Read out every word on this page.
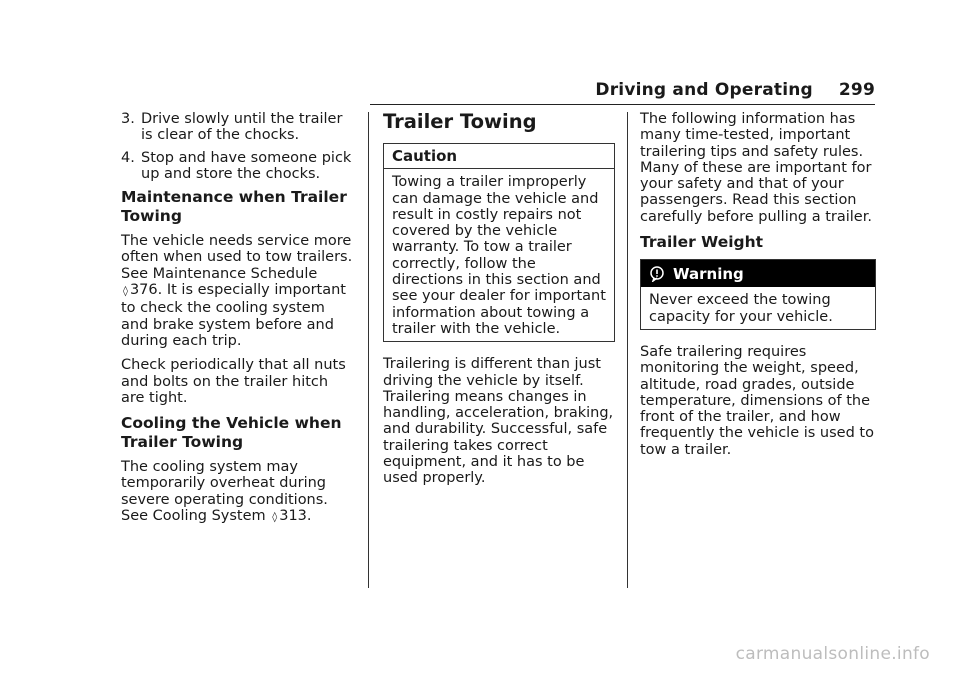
Driving and Operating 299
3. Drive slowly until the trailer is clear of the chocks.
4. Stop and have someone pick up and store the chocks.
Maintenance when Trailer Towing

The vehicle needs service more often when used to tow trailers. See Maintenance Schedule ◊ 376. It is especially important to check the cooling system and brake system before and during each trip.

Check periodically that all nuts and bolts on the trailer hitch are tight.

Cooling the Vehicle when Trailer Towing

The cooling system may temporarily overheat during severe operating conditions. See Cooling System ◊ 313.

Trailer Towing
Caution
Towing a trailer improperly can damage the vehicle and result in costly repairs not covered by the vehicle warranty. To tow a trailer correctly, follow the directions in this section and see your dealer for important information about towing a trailer with the vehicle.

Trailering is different than just driving the vehicle by itself. Trailering means changes in handling, acceleration, braking, and durability. Successful, safe trailering takes correct equipment, and it has to be used properly.

The following information has many time-tested, important trailering tips and safety rules. Many of these are important for your safety and that of your passengers. Read this section carefully before pulling a trailer.

Trailer Weight
Warning
Never exceed the towing capacity for your vehicle.

Safe trailering requires monitoring the weight, speed, altitude, road grades, outside temperature, dimensions of the front of the trailer, and how frequently the vehicle is used to tow a trailer.

carmanualsonline.info
